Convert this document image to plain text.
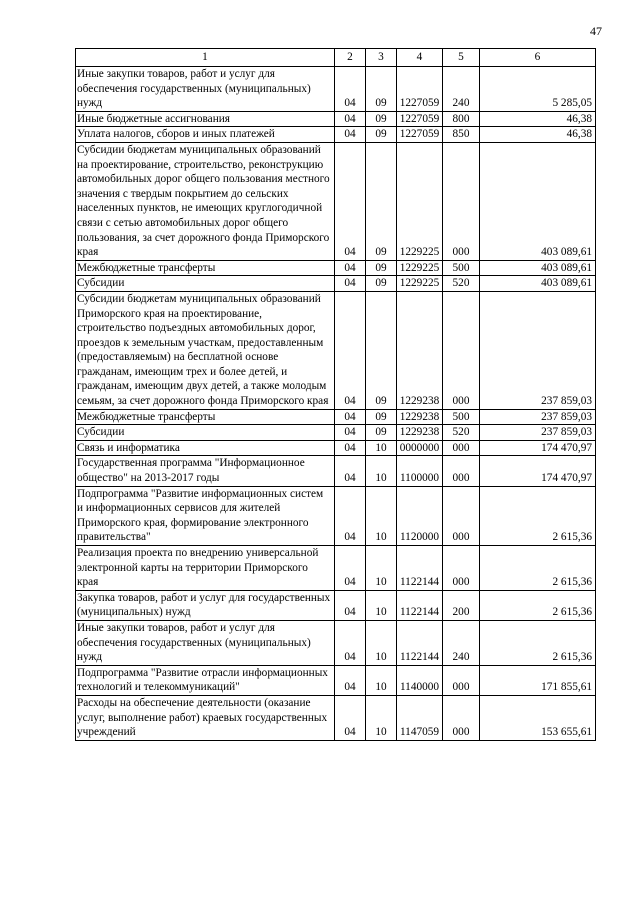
47
1	2	3	4	5	6
Иные закупки товаров, работ и услуг для обеспечения государственных (муниципальных) нужд	04	09	1227059	240	5 285,05
Иные бюджетные ассигнования	04	09	1227059	800	46,38
Уплата налогов, сборов и иных платежей	04	09	1227059	850	46,38
Субсидии бюджетам муниципальных образований на проектирование, строительство, реконструкцию автомобильных дорог общего пользования местного значения с твердым покрытием до сельских населенных пунктов, не имеющих круглогодичной связи с сетью автомобильных дорог общего пользования, за счет дорожного фонда Приморского края	04	09	1229225	000	403 089,61
Межбюджетные трансферты	04	09	1229225	500	403 089,61
Субсидии	04	09	1229225	520	403 089,61
Субсидии бюджетам муниципальных образований Приморского края на проектирование, строительство подъездных автомобильных дорог, проездов к земельным участкам, предоставленным (предоставляемым) на бесплатной основе гражданам, имеющим трех и более детей, и гражданам, имеющим двух детей, а также молодым семьям, за счет дорожного фонда Приморского края	04	09	1229238	000	237 859,03
Межбюджетные трансферты	04	09	1229238	500	237 859,03
Субсидии	04	09	1229238	520	237 859,03
Связь и информатика	04	10	0000000	000	174 470,97
Государственная программа "Информационное общество" на 2013-2017 годы	04	10	1100000	000	174 470,97
Подпрограмма "Развитие информационных систем и информационных сервисов для жителей Приморского края, формирование электронного правительства"	04	10	1120000	000	2 615,36
Реализация проекта по внедрению универсальной электронной карты на территории Приморского края	04	10	1122144	000	2 615,36
Закупка товаров, работ и услуг для государственных (муниципальных) нужд	04	10	1122144	200	2 615,36
Иные закупки товаров, работ и услуг для обеспечения государственных (муниципальных) нужд	04	10	1122144	240	2 615,36
Подпрограмма "Развитие отрасли информационных технологий и телекоммуникаций"	04	10	1140000	000	171 855,61
Расходы на обеспечение деятельности (оказание услуг, выполнение работ) краевых государственных учреждений	04	10	1147059	000	153 655,61
